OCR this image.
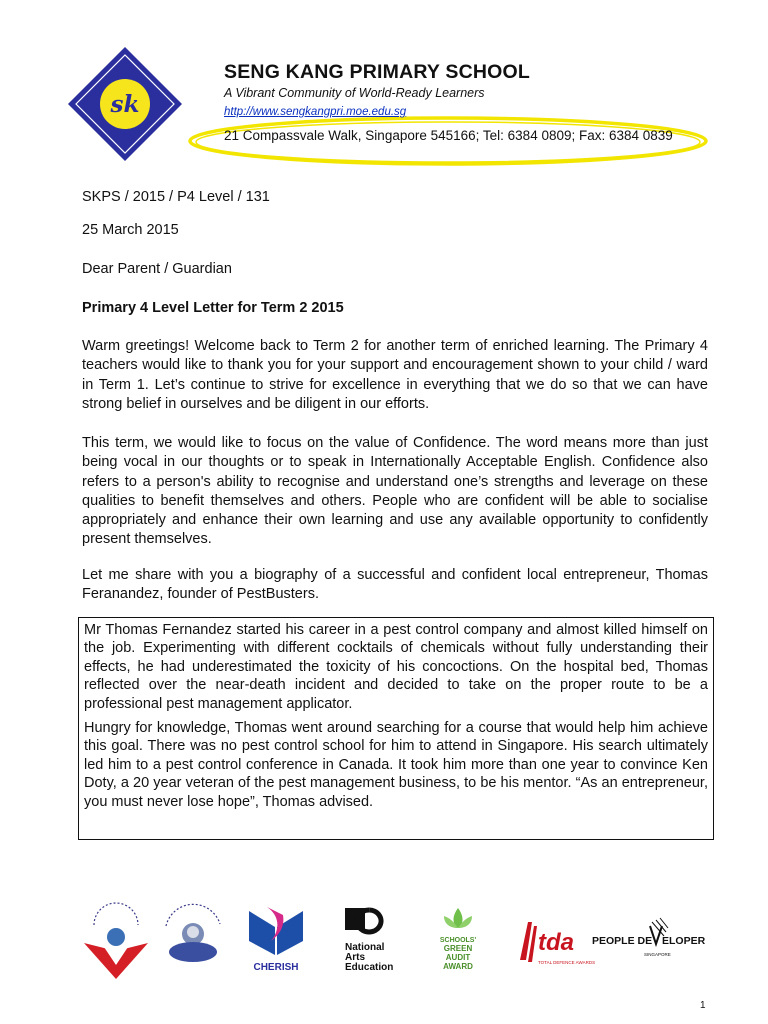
sk
SENG KANG PRIMARY SCHOOL
A Vibrant Community of World-Ready Learners
http://www.sengkangpri.moe.edu.sg
21 Compassvale Walk, Singapore 545166; Tel: 6384 0809; Fax: 6384 0839
SKPS / 2015 / P4 Level / 131
25 March 2015
Dear Parent / Guardian
Primary 4 Level Letter for Term 2 2015
Warm greetings! Welcome back to Term 2 for another term of enriched learning. The Primary 4 teachers would like to thank you for your support and encouragement shown to your child / ward in Term 1. Let’s continue to strive for excellence in everything that we do so that we can have strong belief in ourselves and be diligent in our efforts.
This term, we would like to focus on the value of Confidence. The word means more than just being vocal in our thoughts or to speak in Internationally Acceptable English. Confidence also refers to a person's ability to recognise and understand one’s strengths and leverage on these qualities to benefit themselves and others. People who are confident will be able to socialise appropriately and enhance their own learning and use any available opportunity to confidently present themselves.
Let me share with you a biography of a successful and confident local entrepreneur, Thomas Feranandez, founder of PestBusters.

Mr Thomas Fernandez started his career in a pest control company and almost killed himself on the job. Experimenting with different cocktails of chemicals without fully understanding their effects, he had underestimated the toxicity of his concoctions. On the hospital bed, Thomas reflected over the near-death incident and decided to take on the proper route to be a professional pest management applicator.

Hungry for knowledge, Thomas went around searching for a course that would help him achieve this goal. There was no pest control school for him to attend in Singapore. His search ultimately led him to a pest control conference in Canada. It took him more than one year to convince Ken Doty, a 20 year veteran of the pest management business, to be his mentor. “As an entrepreneur, you must never lose hope”, Thomas advised.

CHERISH
National
Arts
Education
SCHOOLS'
GREEN
AUDIT
AWARD
tda
TOTAL DEFENCE AWARDS
PEOPLE DE ELOPER
SINGAPORE
1
